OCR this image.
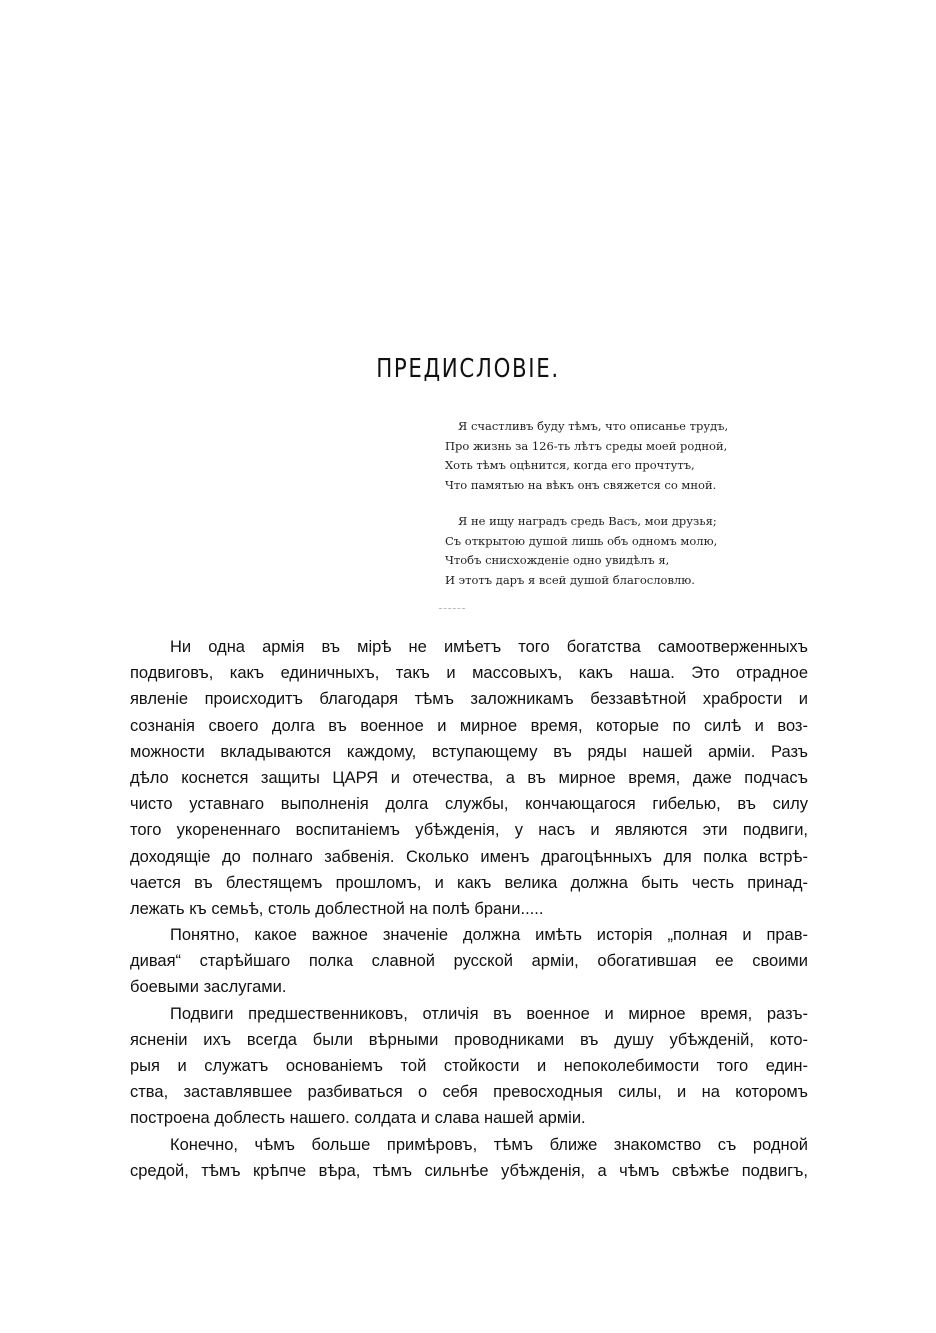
ПРЕДИСЛОВІЕ.
Я счастливъ буду тѣмъ, что описанье трудъ,
Про жизнь за 126-ть лѣтъ среды моей родной,
Хоть тѣмъ оцѣнится, когда его прочтутъ,
Что памятью на вѣкъ онъ свяжется со мной.
Я не ищу наградъ средь Васъ, мои друзья;
Съ открытою душой лишь объ одномъ молю,
Чтобъ снисхожденіе одно увидѣлъ я,
И этотъ даръ я всей душой благословлю.
Ни одна армія въ мірѣ не имѣетъ того богатства самоотверженныхъ
подвиговъ, какъ единичныхъ, такъ и массовыхъ, какъ наша. Это отрадное
явленіе происходитъ благодаря тѣмъ заложникамъ беззавѣтной храбрости и
сознанія своего долга въ военное и мирное время, которые по силѣ и воз-
можности вкладываются каждому, вступающему въ ряды нашей арміи. Разъ
дѣло коснется защиты ЦАРЯ и отечества, а въ мирное время, даже подчасъ
чисто уставнаго выполненія долга службы, кончающагося гибелью, въ силу
того укорененнаго воспитаніемъ убѣжденія, у насъ и являются эти подвиги,
доходящіе до полнаго забвенія. Сколько именъ драгоцѣнныхъ для полка встрѣ-
чается въ блестящемъ прошломъ, и какъ велика должна быть честь принад-
лежать къ семьѣ, столь доблестной на полѣ брани.....
Понятно, какое важное значеніе должна имѣть исторія „полная и прав-
дивая“ старѣйшаго полка славной русской арміи, обогатившая ее своими
боевыми заслугами.
Подвиги предшественниковъ, отличія въ военное и мирное время, разъ-
ясненіи ихъ всегда были вѣрными проводниками въ душу убѣжденій, кото-
рыя и служатъ основаніемъ той стойкости и непоколебимости того един-
ства, заставлявшее разбиваться о себя превосходныя силы, и на которомъ
построена доблесть нашего. солдата и слава нашей арміи.
Конечно, чѣмъ больше примѣровъ, тѣмъ ближе знакомство съ родной
средой, тѣмъ крѣпче вѣра, тѣмъ сильнѣе убѣжденія, а чѣмъ свѣжѣе подвигъ,
